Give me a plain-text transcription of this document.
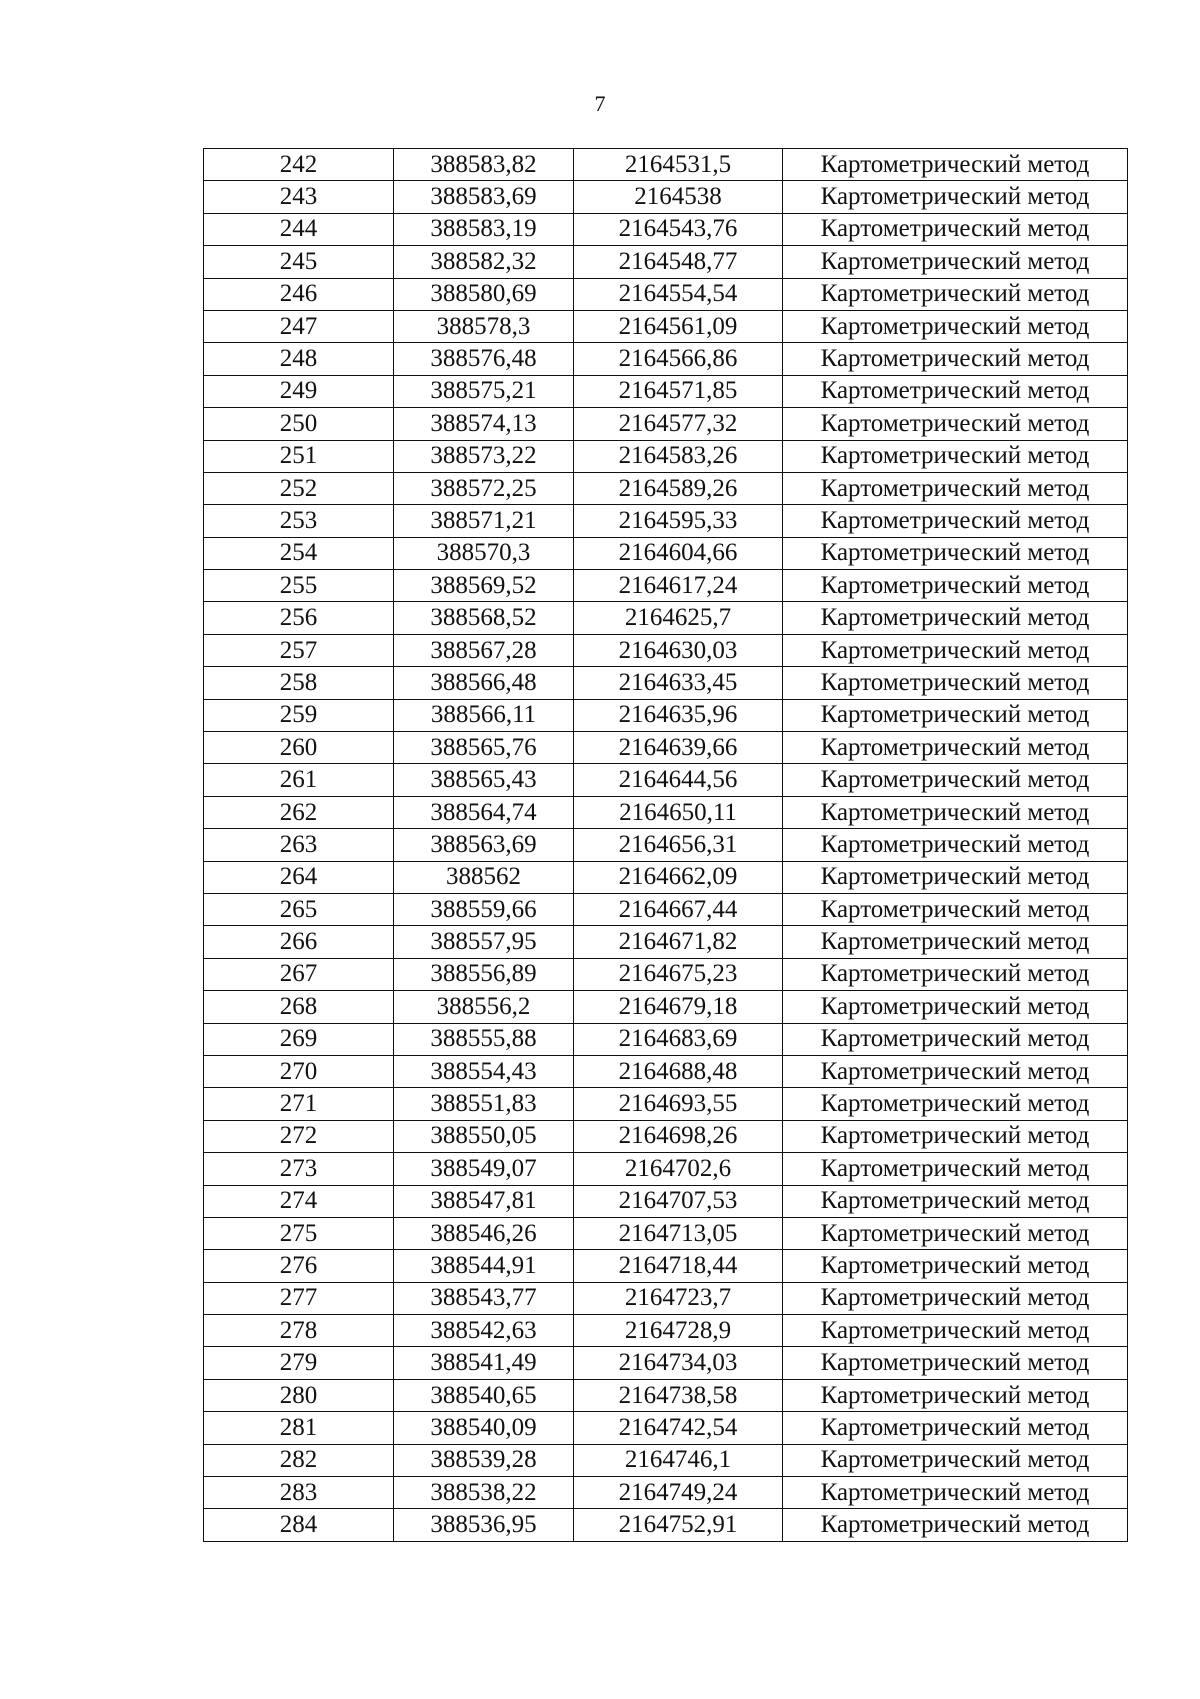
7
242	388583,82	2164531,5	Картометрический метод
243	388583,69	2164538	Картометрический метод
244	388583,19	2164543,76	Картометрический метод
245	388582,32	2164548,77	Картометрический метод
246	388580,69	2164554,54	Картометрический метод
247	388578,3	2164561,09	Картометрический метод
248	388576,48	2164566,86	Картометрический метод
249	388575,21	2164571,85	Картометрический метод
250	388574,13	2164577,32	Картометрический метод
251	388573,22	2164583,26	Картометрический метод
252	388572,25	2164589,26	Картометрический метод
253	388571,21	2164595,33	Картометрический метод
254	388570,3	2164604,66	Картометрический метод
255	388569,52	2164617,24	Картометрический метод
256	388568,52	2164625,7	Картометрический метод
257	388567,28	2164630,03	Картометрический метод
258	388566,48	2164633,45	Картометрический метод
259	388566,11	2164635,96	Картометрический метод
260	388565,76	2164639,66	Картометрический метод
261	388565,43	2164644,56	Картометрический метод
262	388564,74	2164650,11	Картометрический метод
263	388563,69	2164656,31	Картометрический метод
264	388562	2164662,09	Картометрический метод
265	388559,66	2164667,44	Картометрический метод
266	388557,95	2164671,82	Картометрический метод
267	388556,89	2164675,23	Картометрический метод
268	388556,2	2164679,18	Картометрический метод
269	388555,88	2164683,69	Картометрический метод
270	388554,43	2164688,48	Картометрический метод
271	388551,83	2164693,55	Картометрический метод
272	388550,05	2164698,26	Картометрический метод
273	388549,07	2164702,6	Картометрический метод
274	388547,81	2164707,53	Картометрический метод
275	388546,26	2164713,05	Картометрический метод
276	388544,91	2164718,44	Картометрический метод
277	388543,77	2164723,7	Картометрический метод
278	388542,63	2164728,9	Картометрический метод
279	388541,49	2164734,03	Картометрический метод
280	388540,65	2164738,58	Картометрический метод
281	388540,09	2164742,54	Картометрический метод
282	388539,28	2164746,1	Картометрический метод
283	388538,22	2164749,24	Картометрический метод
284	388536,95	2164752,91	Картометрический метод
